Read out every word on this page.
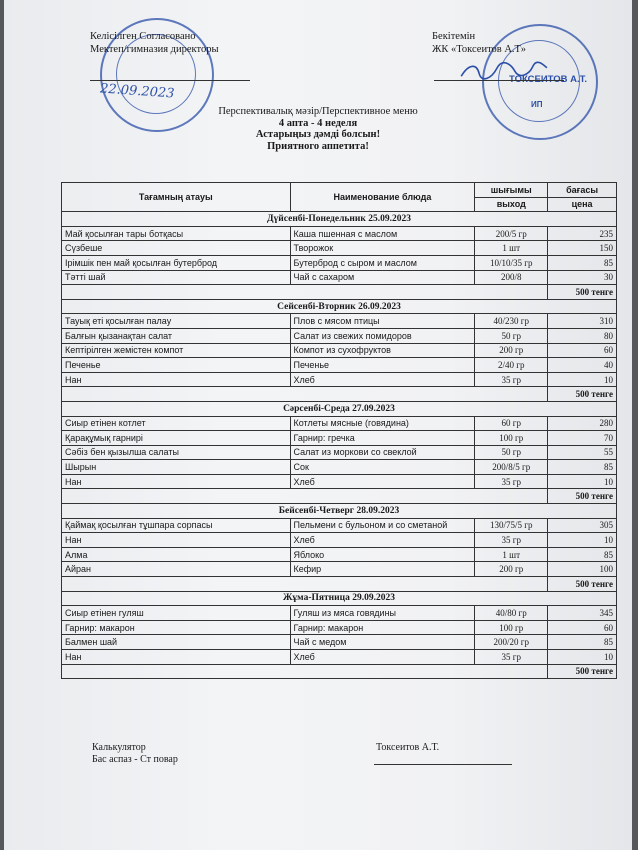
ТОКСЕИТОВ А.Т.
ИП
Келісілген Согласовано
Мектеп/гимназия директоры
22.09.2023
Бекітемін
ЖК «Токсеитов А.Т»
Перспективалық мәзір/Перспективное меню
4 апта - 4 неделя
Астарыңыз дәмді болсын!
Приятного аппетита!
Тағамның атауы	Наименование блюда	шығымы	бағасы
		выход	цена
Дүйсенбі-Понедельник 25.09.2023			
Май қосылған тары ботқасы	Каша пшенная с маслом	200/5 гр	235
Сүзбеше	Творожок	1 шт	150
Ірімшік пен май қосылған бутерброд	Бутерброд с сыром и маслом	10/10/35 гр	85
Тәтті шай	Чай с сахаром	200/8	30
			500 тенге
Сейсенбі-Вторник 26.09.2023			
Тауық еті қосылған палау	Плов с мясом птицы	40/230 гр	310
Балғын қызанақтан салат	Салат из свежих помидоров	50 гр	80
Кептірілген жемістен компот	Компот из сухофруктов	200 гр	60
Печенье	Печенье	2/40 гр	40
Нан	Хлеб	35 гр	10
			500 тенге
Сәрсенбі-Среда 27.09.2023			
Сиыр етінен котлет	Котлеты мясные (говядина)	60 гр	280
Қарақұмық гарнирі	Гарнир: гречка	100 гр	70
Сәбіз бен қызылша салаты	Салат из моркови со свеклой	50 гр	55
Шырын	Сок	200/8/5 гр	85
Нан	Хлеб	35 гр	10
			500 тенге
Бейсенбі-Четверг 28.09.2023			
Қаймақ қосылған тұшпара сорпасы	Пельмени с бульоном и со сметаной	130/75/5 гр	305
Нан	Хлеб	35 гр	10
Алма	Яблоко	1 шт	85
Айран	Кефир	200 гр	100
			500 тенге
Жұма-Пятница 29.09.2023			
Сиыр етінен гуляш	Гуляш из мяса говядины	40/80 гр	345
Гарнир: макарон	Гарнир: макарон	100 гр	60
Балмен шай	Чай с медом	200/20 гр	85
Нан	Хлеб	35 гр	10
			500 тенге
Калькулятор
Бас аспаз - Ст повар
Токсеитов А.Т.
